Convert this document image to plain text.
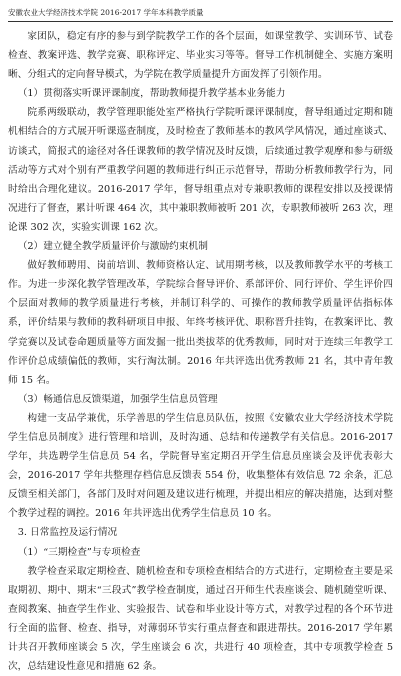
安徽农业大学经济技术学院 2016-2017 学年本科教学质量

家团队，稳定有序的参与到学院教学工作的各个层面，如课堂教学、实训环节、试卷检查、教案评选、教学竞赛、职称评定、毕业实习等等。督导工作机制健全、实施方案明晰、分组式的定向督导模式，为学院在教学质量提升方面发挥了引领作用。

（1）贯彻落实听课评课制度，帮助教师提升教学基本业务能力

院系两级联动，教学管理职能处室严格执行学院听课评课制度，督导组通过定期和随机相结合的方式展开听课巡查制度，及时检查了教师基本的教风学风情况，通过座谈式、访谈式，简报式的途径对各任课教师的教学情况及时反馈，后续通过教学观摩和参与研级活动等方式对个别有严重教学问题的教师进行纠正示范督导，帮助分析教师教学行为，同时给出合理化建议。2016-2017 学年，督导组重点对专兼职教师的课程安排以及授课情况进行了督查，累计听课 464 次，其中兼职教师被听 201 次，专职教师被听 263 次，理论课 302 次，实验实训课 162 次。

（2）建立健全教学质量评价与激励约束机制

做好教师聘用、岗前培训、教师资格认定、试用期考核，以及教师教学水平的考核工作。为进一步深化教学管理改革，学院综合督导评价、系部评价、同行评价、学生评价四个层面对教师的教学质量进行考核，并制订科学的、可操作的教师教学质量评估指标体系，评价结果与教师的教科研项目申报、年终考核评优、职称晋升挂钩，在教案评比、教学竞赛以及试卷命题质量等方面发掘一批出类拔萃的优秀教师，同时对于连续三年教学工作评价总成绩偏低的教师，实行淘汰制。2016 年共评选出优秀教师 21 名，其中青年教师 15 名。

（3）畅通信息反馈渠道，加强学生信息员管理

构建一支品学兼优，乐学善思的学生信息员队伍，按照《安徽农业大学经济技术学院学生信息员制度》进行管理和培训，及时沟通、总结和传递教学有关信息。2016-2017 学年，共选聘学生信息员 54 名，学院督导室定期召开学生信息员座谈会及评优表彰大会，2016-2017 学年共整理存档信息反馈表 554 份，收集整体有效信息 72 余条，汇总反馈至相关部门，各部门及时对问题及建议进行梳理，并提出相应的解决措施，达到对整个教学过程的调控。2016 年共评选出优秀学生信息员 10 名。

3. 日常监控及运行情况

（1）“三期检查”与专项检查

教学检查采取定期检查、随机检查和专项检查相结合的方式进行，定期检查主要是采取期初、期中、期末“三段式”教学检查制度，通过召开师生代表座谈会、随机随堂听课、查阅教案、抽查学生作业、实验报告、试卷和毕业设计等方式，对教学过程的各个环节进行全面的监督、检查、指导，对薄弱环节实行重点督查和跟进帮扶。2016-2017 学年累计共召开教师座谈会 5 次，学生座谈会 6 次，共进行 40 项检查，其中专项教学检查 5 次，总结建设性意见和措施 62 条。
